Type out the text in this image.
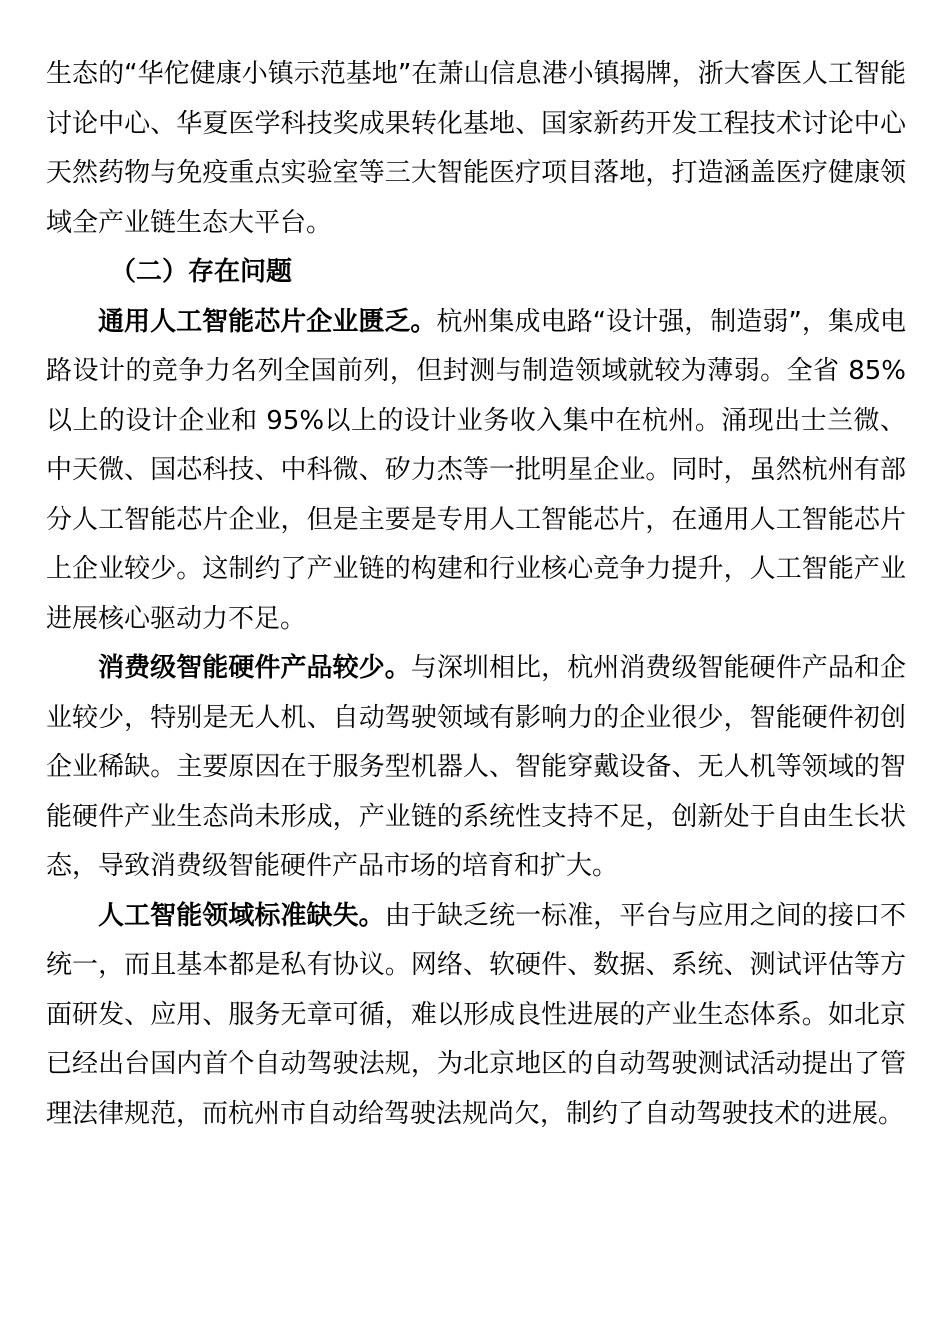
生态的“华佗健康小镇示范基地”在萧山信息港小镇揭牌，浙大睿医人工智能讨论中心、华夏医学科技奖成果转化基地、国家新药开发工程技术讨论中心天然药物与免疫重点实验室等三大智能医疗项目落地，打造涵盖医疗健康领域全产业链生态大平台。

（二）存在问题

通用人工智能芯片企业匮乏。杭州集成电路“设计强，制造弱”，集成电路设计的竞争力名列全国前列，但封测与制造领域就较为薄弱。全省 85%以上的设计企业和 95%以上的设计业务收入集中在杭州。涌现出士兰微、中天微、国芯科技、中科微、矽力杰等一批明星企业。同时，虽然杭州有部分人工智能芯片企业，但是主要是专用人工智能芯片，在通用人工智能芯片上企业较少。这制约了产业链的构建和行业核心竞争力提升，人工智能产业进展核心驱动力不足。

消费级智能硬件产品较少。与深圳相比，杭州消费级智能硬件产品和企业较少，特别是无人机、自动驾驶领域有影响力的企业很少，智能硬件初创企业稀缺。主要原因在于服务型机器人、智能穿戴设备、无人机等领域的智能硬件产业生态尚未形成，产业链的系统性支持不足，创新处于自由生长状态，导致消费级智能硬件产品市场的培育和扩大。

人工智能领域标准缺失。由于缺乏统一标准，平台与应用之间的接口不统一，而且基本都是私有协议。网络、软硬件、数据、系统、测试评估等方面研发、应用、服务无章可循，难以形成良性进展的产业生态体系。如北京已经出台国内首个自动驾驶法规，为北京地区的自动驾驶测试活动提出了管理法律规范，而杭州市自动给驾驶法规尚欠，制约了自动驾驶技术的进展。
